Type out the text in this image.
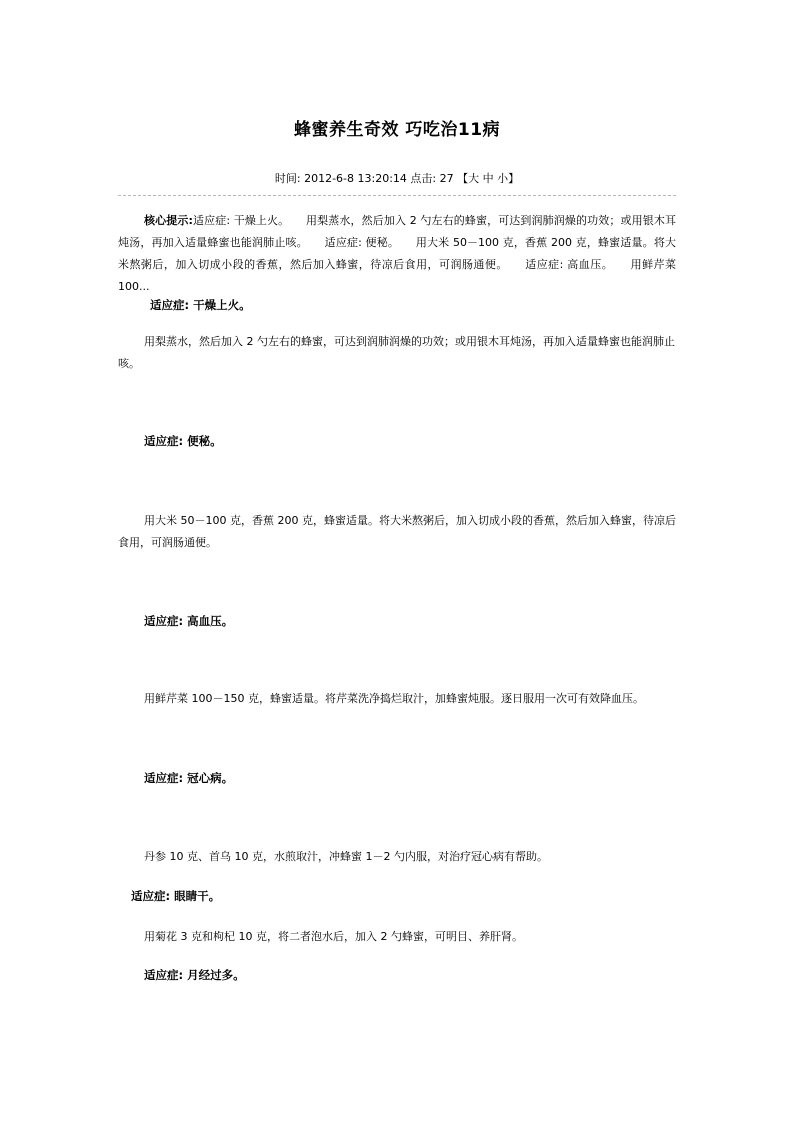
蜂蜜养生奇效 巧吃治11病
时间: 2012-6-8 13:20:14 点击: 27 【大 中 小】
核心提示:适应症: 干燥上火。　　用梨蒸水，然后加入 2 勺左右的蜂蜜，可达到润肺润燥的功效；或用银木耳炖汤，再加入适量蜂蜜也能润肺止咳。　　适应症: 便秘。　　用大米 50－100 克，香蕉 200 克，蜂蜜适量。将大米熬粥后，加入切成小段的香蕉，然后加入蜂蜜，待凉后食用，可润肠通便。　　适应症: 高血压。　　用鲜芹菜 100...
适应症: 干燥上火。
用梨蒸水，然后加入 2 勺左右的蜂蜜，可达到润肺润燥的功效；或用银木耳炖汤，再加入适量蜂蜜也能润肺止咳。
适应症: 便秘。
用大米 50－100 克，香蕉 200 克，蜂蜜适量。将大米熬粥后，加入切成小段的香蕉，然后加入蜂蜜，待凉后食用，可润肠通便。
适应症: 高血压。
用鲜芹菜 100－150 克，蜂蜜适量。将芹菜洗净捣烂取汁，加蜂蜜炖服。逐日服用一次可有效降血压。
适应症: 冠心病。
丹参 10 克、首乌 10 克，水煎取汁，冲蜂蜜 1－2 勺内服，对治疗冠心病有帮助。
适应症: 眼睛干。
用菊花 3 克和枸杞 10 克，将二者泡水后，加入 2 勺蜂蜜，可明目、养肝肾。
适应症: 月经过多。
